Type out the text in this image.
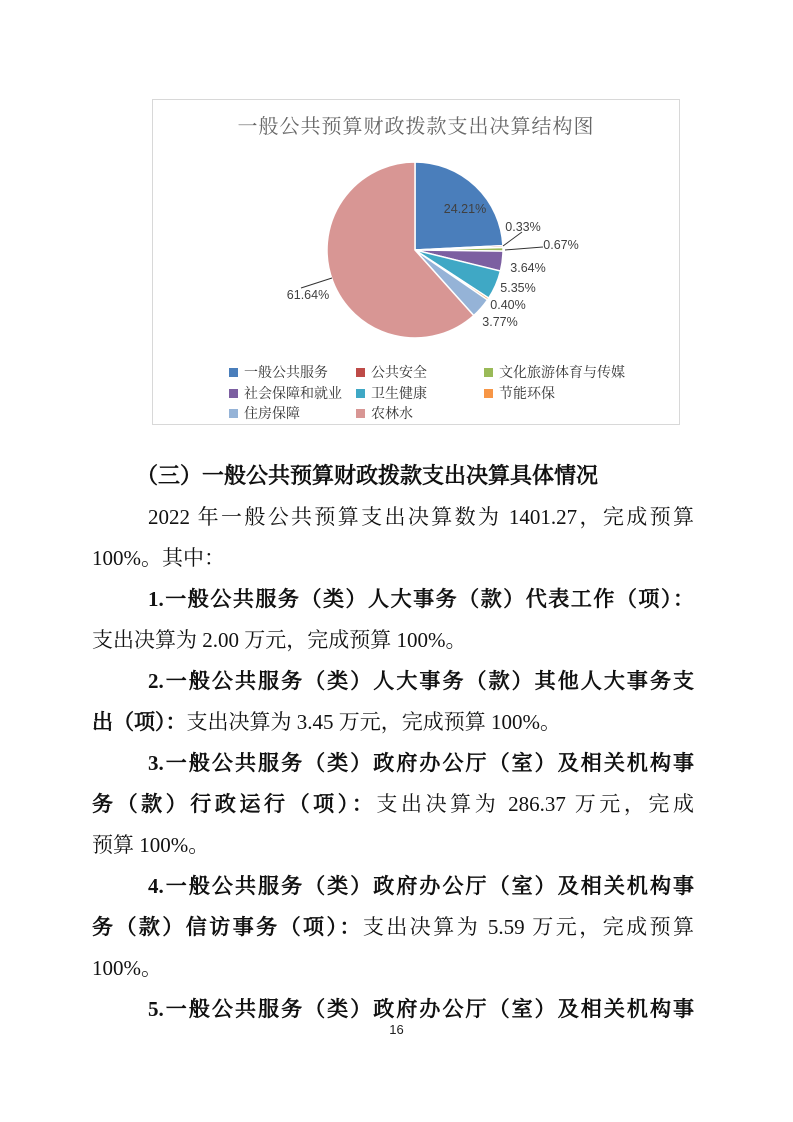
一般公共预算财政拨款支出决算结构图
24.21%
0.33%
0.67%
3.64%
5.35%
0.40%
3.77%
61.64%
一般公共服务	公共安全	文化旅游体育与传媒
社会保障和就业 卫生健康	节能环保
住房保障	农林水
（三）一般公共预算财政拨款支出决算具体情况
2022 年一般公共预算支出决算数为 1401.27，完成预算
100%。其中：
1.一般公共服务（类）人大事务（款）代表工作（项）：
支出决算为 2.00 万元，完成预算 100%。
2.一般公共服务（类）人大事务（款）其他人大事务支
出（项）：支出决算为 3.45 万元，完成预算 100%。
3.一般公共服务（类）政府办公厅（室）及相关机构事
务（款）行政运行（项）：支出决算为 286.37 万元，完成
预算 100%。
4.一般公共服务（类）政府办公厅（室）及相关机构事
务（款）信访事务（项）：支出决算为 5.59 万元，完成预算
100%。
5.一般公共服务（类）政府办公厅（室）及相关机构事
16
